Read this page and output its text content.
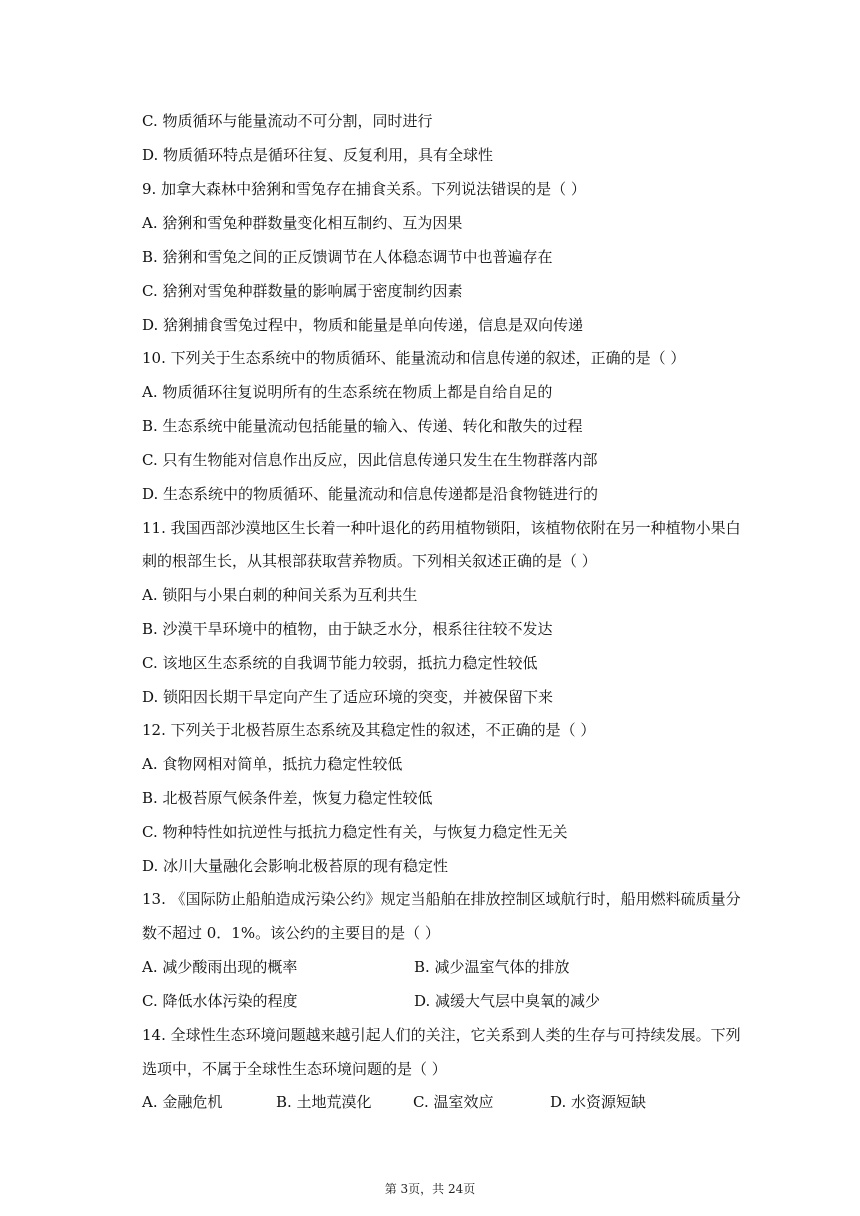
C. 物质循环与能量流动不可分割，同时进行
D. 物质循环特点是循环往复、反复利用，具有全球性
9. 加拿大森林中猞猁和雪兔存在捕食关系。下列说法错误的是（ ）
A. 猞猁和雪兔种群数量变化相互制约、互为因果
B. 猞猁和雪兔之间的正反馈调节在人体稳态调节中也普遍存在
C. 猞猁对雪兔种群数量的影响属于密度制约因素
D. 猞猁捕食雪兔过程中，物质和能量是单向传递，信息是双向传递
10. 下列关于生态系统中的物质循环、能量流动和信息传递的叙述，正确的是（ ）
A. 物质循环往复说明所有的生态系统在物质上都是自给自足的
B. 生态系统中能量流动包括能量的输入、传递、转化和散失的过程
C. 只有生物能对信息作出反应，因此信息传递只发生在生物群落内部
D. 生态系统中的物质循环、能量流动和信息传递都是沿食物链进行的
11. 我国西部沙漠地区生长着一种叶退化的药用植物锁阳，该植物依附在另一种植物小果白
刺的根部生长，从其根部获取营养物质。下列相关叙述正确的是（ ）
A. 锁阳与小果白刺的种间关系为互利共生
B. 沙漠干旱环境中的植物，由于缺乏水分，根系往往较不发达
C. 该地区生态系统的自我调节能力较弱，抵抗力稳定性较低
D. 锁阳因长期干旱定向产生了适应环境的突变，并被保留下来
12. 下列关于北极苔原生态系统及其稳定性的叙述，不正确的是（ ）
A. 食物网相对简单，抵抗力稳定性较低
B. 北极苔原气候条件差，恢复力稳定性较低
C. 物种特性如抗逆性与抵抗力稳定性有关，与恢复力稳定性无关
D. 冰川大量融化会影响北极苔原的现有稳定性
13. 《国际防止船舶造成污染公约》规定当船舶在排放控制区域航行时，船用燃料硫质量分
数不超过 0．1%。该公约的主要目的是（ ）
A. 减少酸雨出现的概率	B. 减少温室气体的排放
C. 降低水体污染的程度	D. 减缓大气层中臭氧的减少
14. 全球性生态环境问题越来越引起人们的关注，它关系到人类的生存与可持续发展。下列
选项中，不属于全球性生态环境问题的是（ ）
A. 金融危机	B. 土地荒漠化	C. 温室效应	D. 水资源短缺
第 3页，共 24页
